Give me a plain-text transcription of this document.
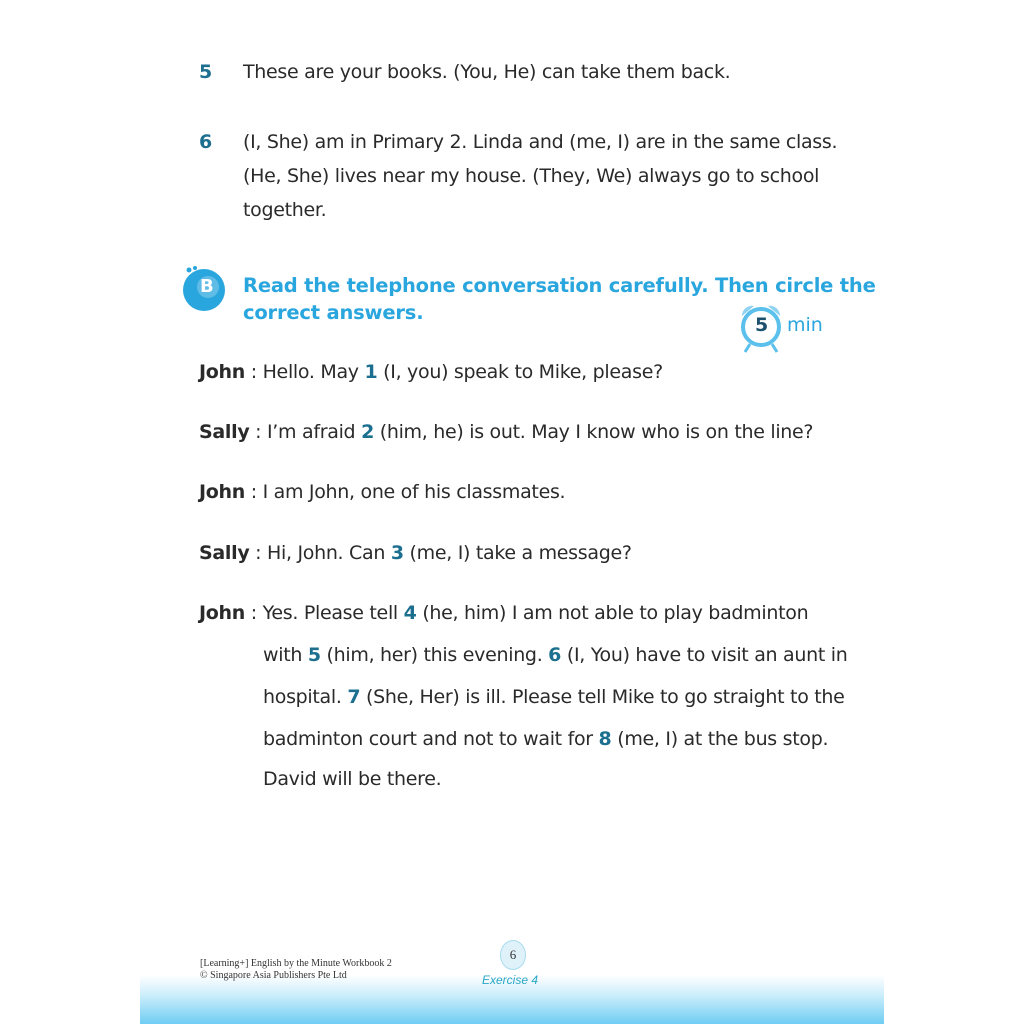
5 These are your books. (You, He) can take them back.
6 (I, She) am in Primary 2. Linda and (me, I) are in the same class.
(He, She) lives near my house. (They, We) always go to school
together.
B Read the telephone conversation carefully. Then circle the
correct answers.
5 min
John : Hello. May 1 (I, you) speak to Mike, please?
Sally : I’m afraid 2 (him, he) is out. May I know who is on the line?
John : I am John, one of his classmates.
Sally : Hi, John. Can 3 (me, I) take a message?
John : Yes. Please tell 4 (he, him) I am not able to play badminton
with 5 (him, her) this evening. 6 (I, You) have to visit an aunt in
hospital. 7 (She, Her) is ill. Please tell Mike to go straight to the
badminton court and not to wait for 8 (me, I) at the bus stop.
David will be there.
[Learning+] English by the Minute Workbook 2
© Singapore Asia Publishers Pte Ltd
6
Exercise 4
